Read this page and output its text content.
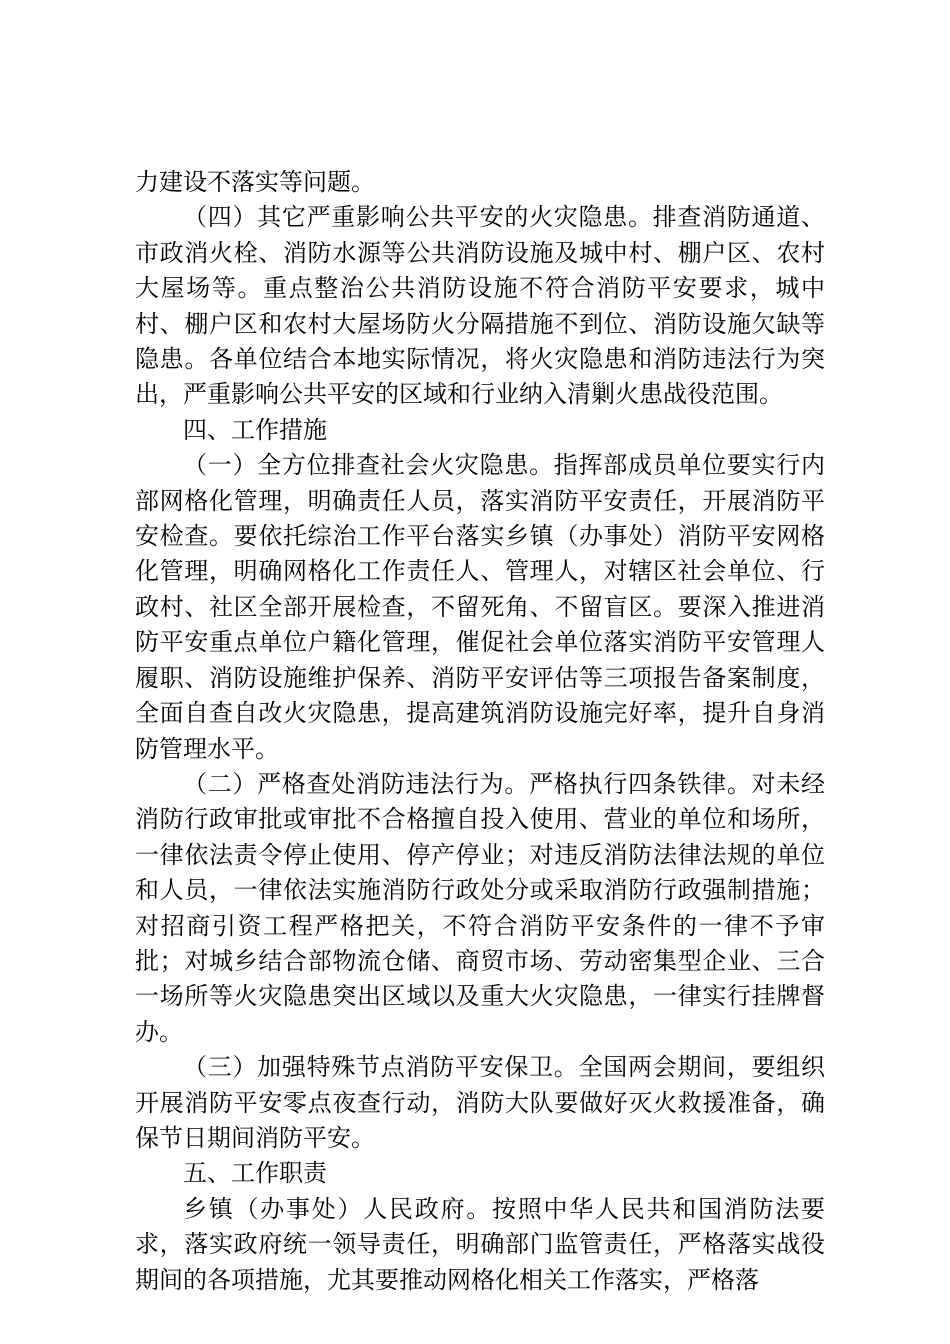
力建设不落实等问题。

（四）其它严重影响公共平安的火灾隐患。排查消防通道、市政消火栓、消防水源等公共消防设施及城中村、棚户区、农村大屋场等。重点整治公共消防设施不符合消防平安要求，城中村、棚户区和农村大屋场防火分隔措施不到位、消防设施欠缺等隐患。各单位结合本地实际情况，将火灾隐患和消防违法行为突出，严重影响公共平安的区域和行业纳入清剿火患战役范围。

四、工作措施

（一）全方位排查社会火灾隐患。指挥部成员单位要实行内部网格化管理，明确责任人员，落实消防平安责任，开展消防平安检查。要依托综治工作平台落实乡镇（办事处）消防平安网格化管理，明确网格化工作责任人、管理人，对辖区社会单位、行政村、社区全部开展检查，不留死角、不留盲区。要深入推进消防平安重点单位户籍化管理，催促社会单位落实消防平安管理人履职、消防设施维护保养、消防平安评估等三项报告备案制度，全面自查自改火灾隐患，提高建筑消防设施完好率，提升自身消防管理水平。

（二）严格查处消防违法行为。严格执行四条铁律。对未经消防行政审批或审批不合格擅自投入使用、营业的单位和场所，一律依法责令停止使用、停产停业；对违反消防法律法规的单位和人员，一律依法实施消防行政处分或采取消防行政强制措施；对招商引资工程严格把关，不符合消防平安条件的一律不予审批；对城乡结合部物流仓储、商贸市场、劳动密集型企业、三合一场所等火灾隐患突出区域以及重大火灾隐患，一律实行挂牌督办。

（三）加强特殊节点消防平安保卫。全国两会期间，要组织开展消防平安零点夜查行动，消防大队要做好灭火救援准备，确保节日期间消防平安。

五、工作职责

乡镇（办事处）人民政府。按照中华人民共和国消防法要求，落实政府统一领导责任，明确部门监管责任，严格落实战役期间的各项措施，尤其要推动网格化相关工作落实，严格落
